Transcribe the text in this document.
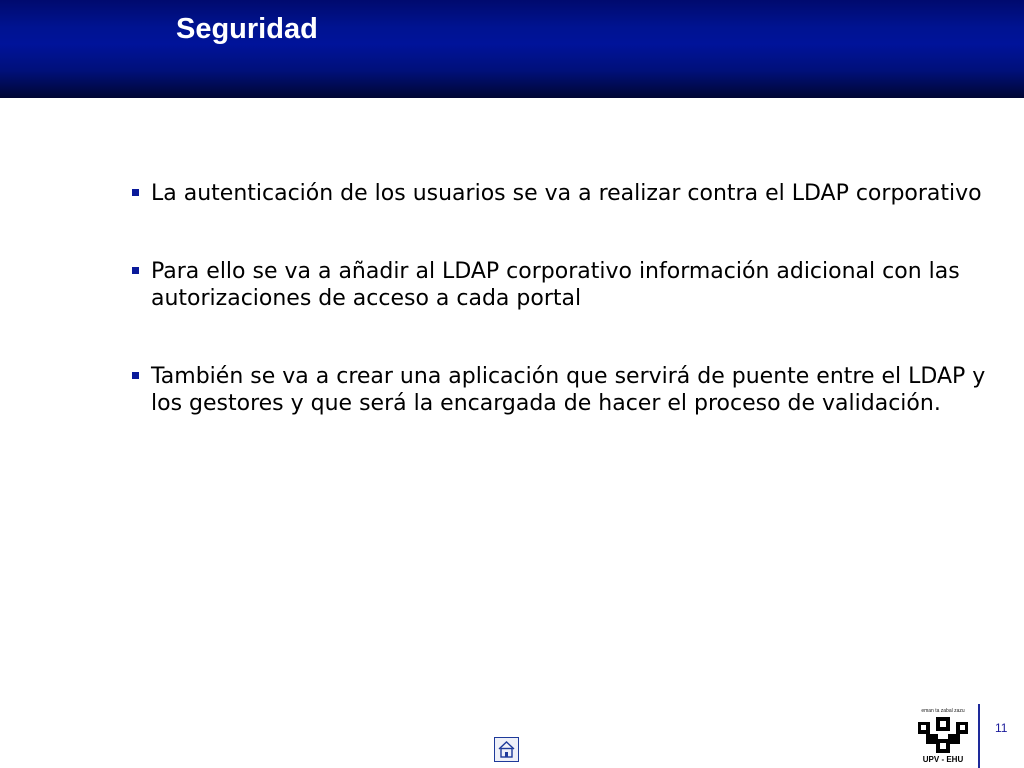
Seguridad
La autenticación de los usuarios se va a realizar contra el LDAP corporativo
Para ello se va a añadir al LDAP corporativo información adicional con las autorizaciones de acceso a cada portal
También se va a crear una aplicación que servirá de puente entre el LDAP y los gestores y que será la encargada de hacer el proceso de validación.
eman ta zabal zazu
UPV - EHU
11
